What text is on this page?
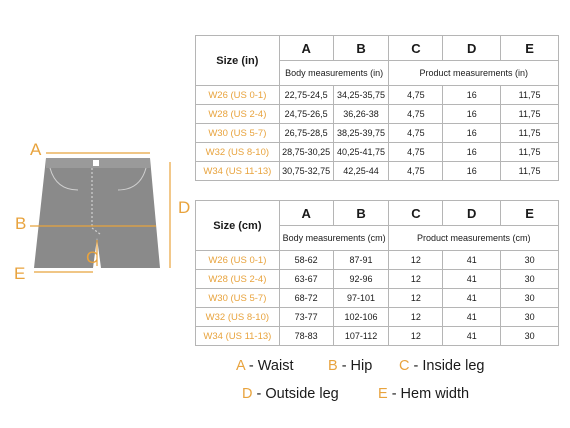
A
B
C
D
E
Size (in)	A	B	C	D	E
	Body measurements (in)		Product measurements (in)		
W26 (US 0-1)	22,75-24,5	34,25-35,75	4,75	16	11,75
W28 (US 2-4)	24,75-26,5	36,26-38	4,75	16	11,75
W30 (US 5-7)	26,75-28,5	38,25-39,75	4,75	16	11,75
W32 (US 8-10)	28,75-30,25	40,25-41,75	4,75	16	11,75
W34 (US 11-13)	30,75-32,75	42,25-44	4,75	16	11,75
Size (cm)	A	B	C	D	E
	Body measurements (cm)		Product measurements (cm)		
W26 (US 0-1)	58-62	87-91	12	41	30
W28 (US 2-4)	63-67	92-96	12	41	30
W30 (US 5-7)	68-72	97-101	12	41	30
W32 (US 8-10)	73-77	102-106	12	41	30
W34 (US 11-13)	78-83	107-112	12	41	30
A - Waist B - Hip C - Inside leg
D - Outside leg	E - Hem width
